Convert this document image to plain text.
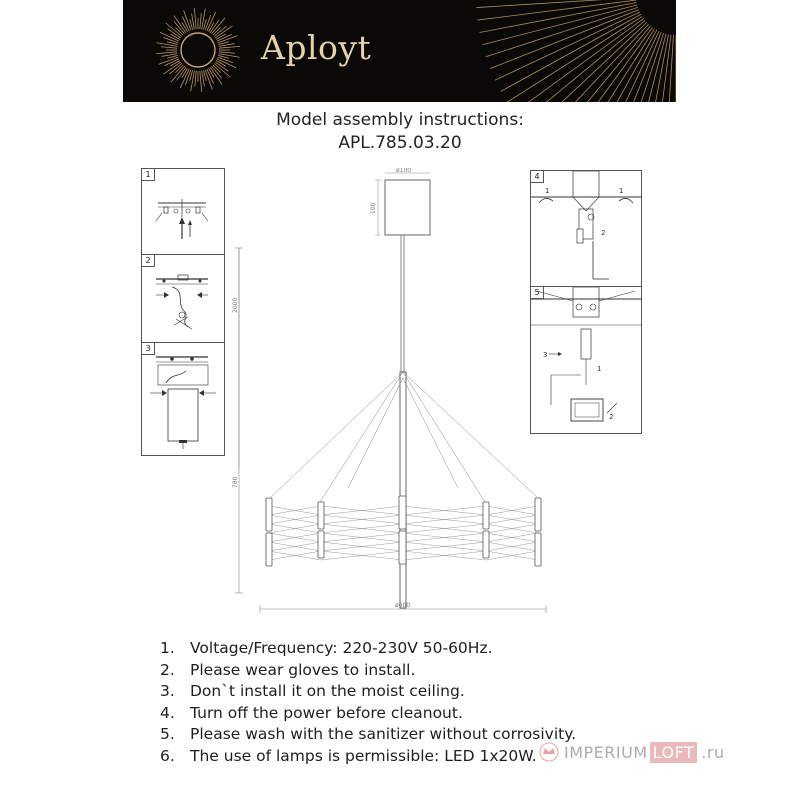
Aployt
Model assembly instructions:
APL.785.03.20
1
2
3
ø100
100
2000
780
ø600
4
2
1	1
5
3
1
2
1. Voltage/Frequency: 220-230V 50-60Hz.
2. Please wear gloves to install.
3. Don`t install it on the moist ceiling.
4. Turn off the power before cleanout.
5. Please wash with the sanitizer without corrosivity.
6. The use of lamps is permissible: LED 1x20W.	IMPERIUM LOFT .ru
